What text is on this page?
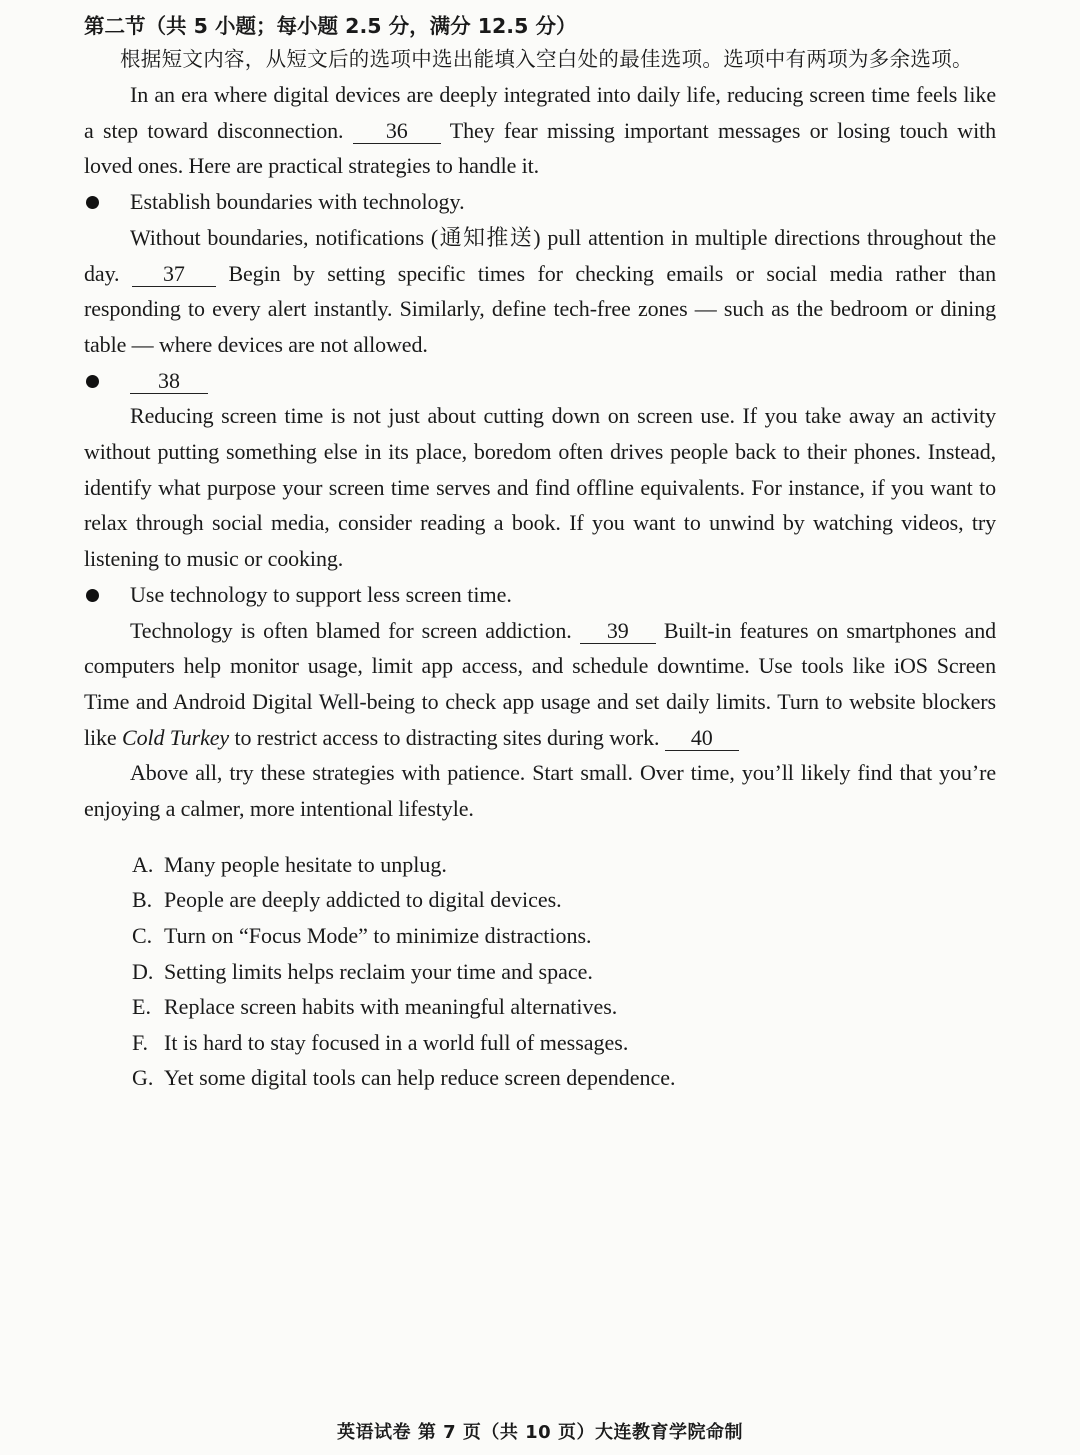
第二节（共 5 小题；每小题 2.5 分，满分 12.5 分）

根据短文内容，从短文后的选项中选出能填入空白处的最佳选项。选项中有两项为多余选项。

In an era where digital devices are deeply integrated into daily life, reducing screen time feels like a step toward disconnection. 36 They fear missing important messages or losing touch with loved ones. Here are practical strategies to handle it.

Establish boundaries with technology.

Without boundaries, notifications (通知推送) pull attention in multiple directions throughout the day. 37 Begin by setting specific times for checking emails or social media rather than responding to every alert instantly. Similarly, define tech-free zones — such as the bedroom or dining table — where devices are not allowed.

38

Reducing screen time is not just about cutting down on screen use. If you take away an activity without putting something else in its place, boredom often drives people back to their phones. Instead, identify what purpose your screen time serves and find offline equivalents. For instance, if you want to relax through social media, consider reading a book. If you want to unwind by watching videos, try listening to music or cooking.

Use technology to support less screen time.

Technology is often blamed for screen addiction. 39 Built-in features on smartphones and computers help monitor usage, limit app access, and schedule downtime. Use tools like iOS Screen Time and Android Digital Well-being to check app usage and set daily limits. Turn to website blockers like Cold Turkey to restrict access to distracting sites during work. 40

Above all, try these strategies with patience. Start small. Over time, you’ll likely find that you’re enjoying a calmer, more intentional lifestyle.

A. Many people hesitate to unplug.

B. People are deeply addicted to digital devices.

C. Turn on “Focus Mode” to minimize distractions.

D. Setting limits helps reclaim your time and space.

E. Replace screen habits with meaningful alternatives.

F. It is hard to stay focused in a world full of messages.

G. Yet some digital tools can help reduce screen dependence.

英语试卷 第 7 页（共 10 页）大连教育学院命制
